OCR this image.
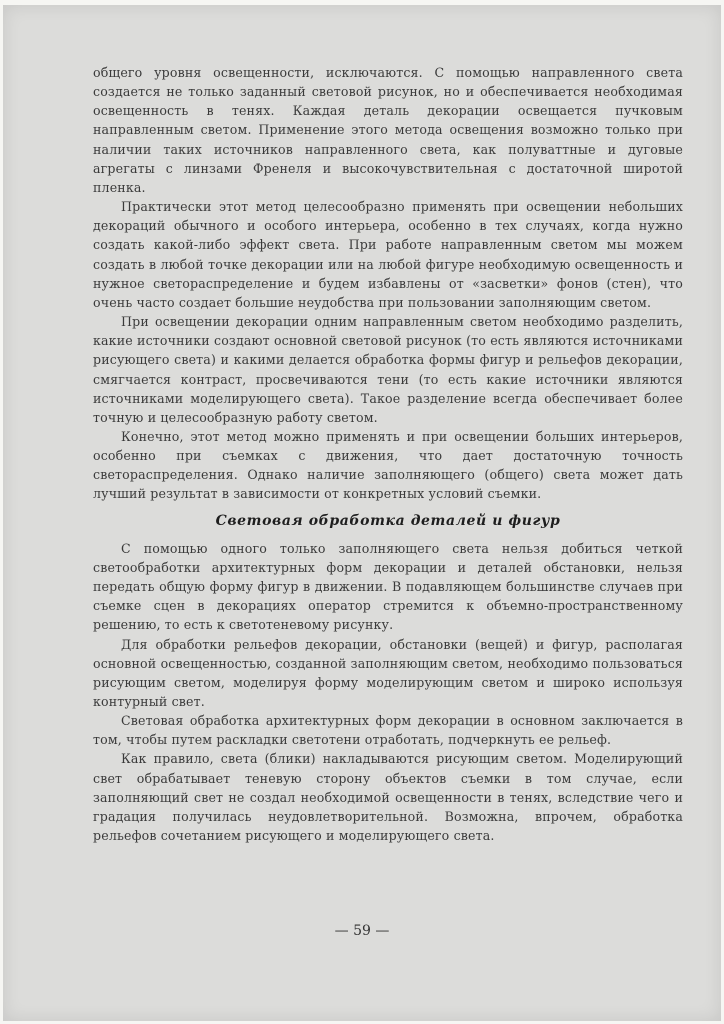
общего уровня освещенности, исключаются. С помощью направленного света создается не только заданный световой рисунок, но и обеспечивается необходимая освещенность в тенях. Каждая деталь декорации освещается пучковым направленным светом. Применение этого метода освещения возможно только при наличии таких источников направленного света, как полуваттные и дуговые агрегаты с линзами Френеля и высокочувствительная с достаточной широтой пленка.

Практически этот метод целесообразно применять при освещении небольших декораций обычного и особого интерьера, особенно в тех случаях, когда нужно создать какой-либо эффект света. При работе направленным светом мы можем создать в любой точке декорации или на любой фигуре необходимую освещенность и нужное светораспределение и будем избавлены от «засветки» фонов (стен), что очень часто создает большие неудобства при пользовании заполняющим светом.

При освещении декорации одним направленным светом необходимо разделить, какие источники создают основной световой рисунок (то есть являются источниками рисующего света) и какими делается обработка формы фигур и рельефов декорации, смягчается контраст, просвечиваются тени (то есть какие источники являются источниками моделирующего света). Такое разделение всегда обеспечивает более точную и целесообразную работу светом.

Конечно, этот метод можно применять и при освещении больших интерьеров, особенно при съемках с движения, что дает достаточную точность светораспределения. Однако наличие заполняющего (общего) света может дать лучший результат в зависимости от конкретных условий съемки.

Световая обработка деталей и фигур

С помощью одного только заполняющего света нельзя добиться четкой светообработки архитектурных форм декорации и деталей обстановки, нельзя передать общую форму фигур в движении. В подавляющем большинстве случаев при съемке сцен в декорациях оператор стремится к объемно-пространственному решению, то есть к светотеневому рисунку.

Для обработки рельефов декорации, обстановки (вещей) и фигур, располагая основной освещенностью, созданной заполняющим светом, необходимо пользоваться рисующим светом, моделируя форму моделирующим светом и широко используя контурный свет.

Световая обработка архитектурных форм декорации в основном заключается в том, чтобы путем раскладки светотени отработать, подчеркнуть ее рельеф.

Как правило, света (блики) накладываются рисующим светом. Моделирующий свет обрабатывает теневую сторону объектов съемки в том случае, если заполняющий свет не создал необходимой освещенности в тенях, вследствие чего и градация получилась неудовлетворительной. Возможна, впрочем, обработка рельефов сочетанием рисующего и моделирующего света.

— 59 —
